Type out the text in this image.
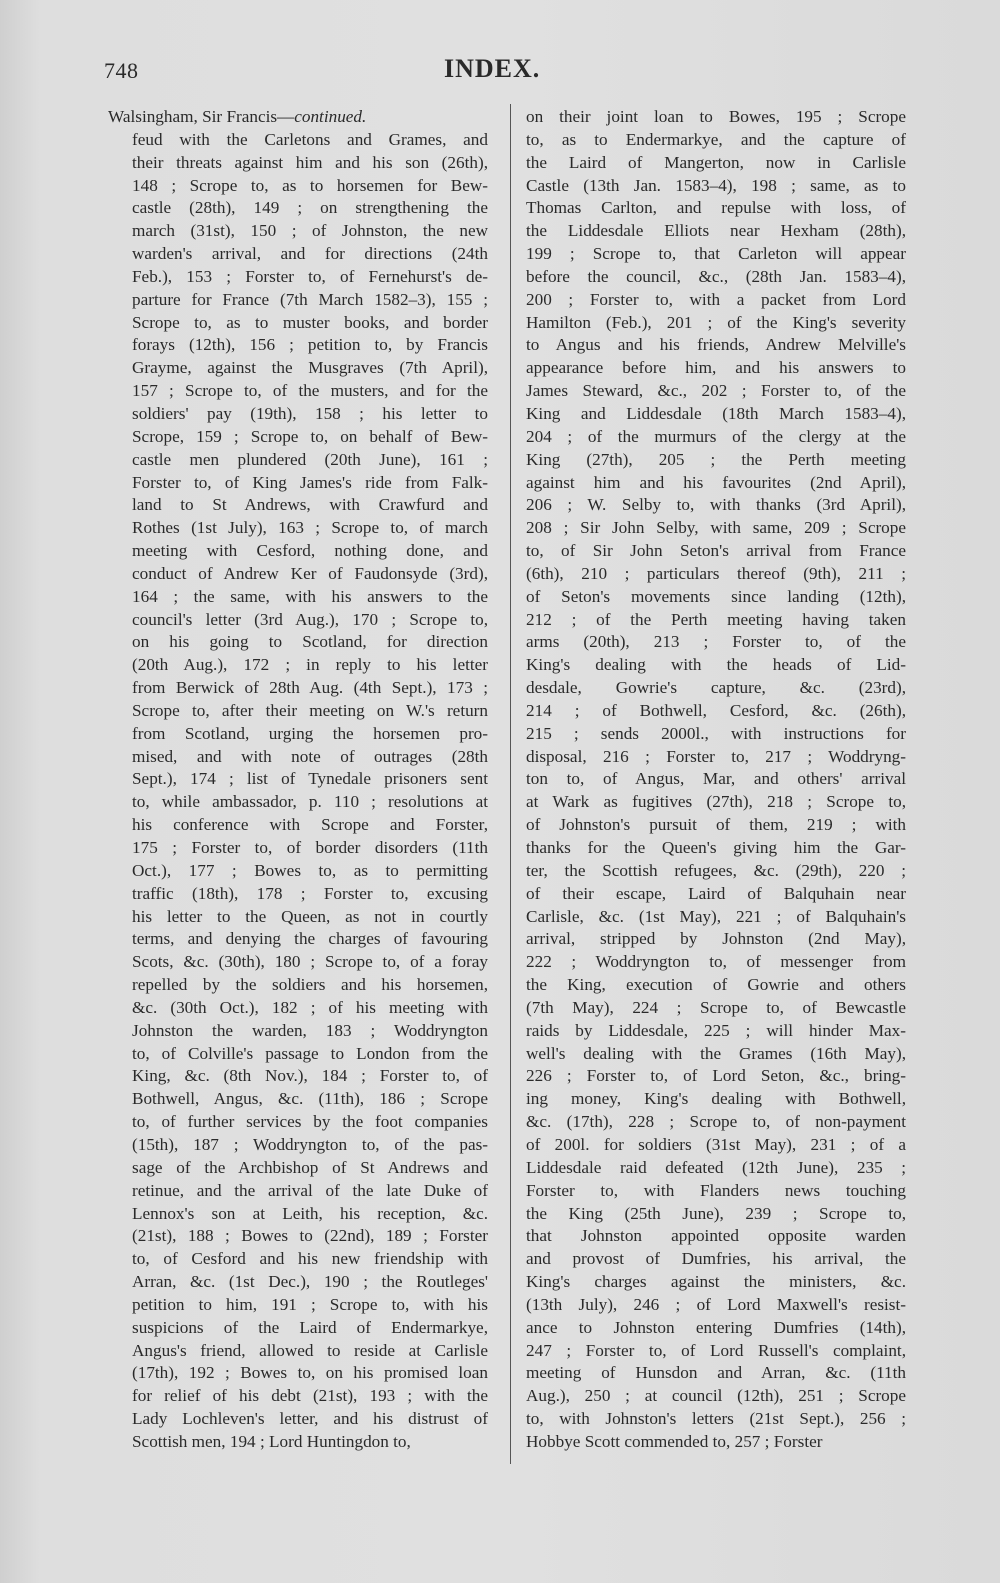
748	INDEX.
Walsingham, Sir Francis—continued.
feud with the Carletons and Grames, and
their threats against him and his son (26th),
148 ; Scrope to, as to horsemen for Bew-
castle (28th), 149 ; on strengthening the
march (31st), 150 ; of Johnston, the new
warden's arrival, and for directions (24th
Feb.), 153 ; Forster to, of Fernehurst's de-
parture for France (7th March 1582–3), 155 ;
Scrope to, as to muster books, and border
forays (12th), 156 ; petition to, by Francis
Grayme, against the Musgraves (7th April),
157 ; Scrope to, of the musters, and for the
soldiers' pay (19th), 158 ; his letter to
Scrope, 159 ; Scrope to, on behalf of Bew-
castle men plundered (20th June), 161 ;
Forster to, of King James's ride from Falk-
land to St Andrews, with Crawfurd and
Rothes (1st July), 163 ; Scrope to, of march
meeting with Cesford, nothing done, and
conduct of Andrew Ker of Faudonsyde (3rd),
164 ; the same, with his answers to the
council's letter (3rd Aug.), 170 ; Scrope to,
on his going to Scotland, for direction
(20th Aug.), 172 ; in reply to his letter
from Berwick of 28th Aug. (4th Sept.), 173 ;
Scrope to, after their meeting on W.'s return
from Scotland, urging the horsemen pro-
mised, and with note of outrages (28th
Sept.), 174 ; list of Tynedale prisoners sent
to, while ambassador, p. 110 ; resolutions at
his conference with Scrope and Forster,
175 ; Forster to, of border disorders (11th
Oct.), 177 ; Bowes to, as to permitting
traffic (18th), 178 ; Forster to, excusing
his letter to the Queen, as not in courtly
terms, and denying the charges of favouring
Scots, &c. (30th), 180 ; Scrope to, of a foray
repelled by the soldiers and his horsemen,
&c. (30th Oct.), 182 ; of his meeting with
Johnston the warden, 183 ; Woddryngton
to, of Colville's passage to London from the
King, &c. (8th Nov.), 184 ; Forster to, of
Bothwell, Angus, &c. (11th), 186 ; Scrope
to, of further services by the foot companies
(15th), 187 ; Woddryngton to, of the pas-
sage of the Archbishop of St Andrews and
retinue, and the arrival of the late Duke of
Lennox's son at Leith, his reception, &c.
(21st), 188 ; Bowes to (22nd), 189 ; Forster
to, of Cesford and his new friendship with
Arran, &c. (1st Dec.), 190 ; the Routleges'
petition to him, 191 ; Scrope to, with his
suspicions of the Laird of Endermarkye,
Angus's friend, allowed to reside at Carlisle
(17th), 192 ; Bowes to, on his promised loan
for relief of his debt (21st), 193 ; with the
Lady Lochleven's letter, and his distrust of
Scottish men, 194 ; Lord Huntingdon to,
on their joint loan to Bowes, 195 ; Scrope
to, as to Endermarkye, and the capture of
the Laird of Mangerton, now in Carlisle
Castle (13th Jan. 1583–4), 198 ; same, as to
Thomas Carlton, and repulse with loss, of
the Liddesdale Elliots near Hexham (28th),
199 ; Scrope to, that Carleton will appear
before the council, &c., (28th Jan. 1583–4),
200 ; Forster to, with a packet from Lord
Hamilton (Feb.), 201 ; of the King's severity
to Angus and his friends, Andrew Melville's
appearance before him, and his answers to
James Steward, &c., 202 ; Forster to, of the
King and Liddesdale (18th March 1583–4),
204 ; of the murmurs of the clergy at the
King (27th), 205 ; the Perth meeting
against him and his favourites (2nd April),
206 ; W. Selby to, with thanks (3rd April),
208 ; Sir John Selby, with same, 209 ; Scrope
to, of Sir John Seton's arrival from France
(6th), 210 ; particulars thereof (9th), 211 ;
of Seton's movements since landing (12th),
212 ; of the Perth meeting having taken
arms (20th), 213 ; Forster to, of the
King's dealing with the heads of Lid-
desdale, Gowrie's capture, &c. (23rd),
214 ; of Bothwell, Cesford, &c. (26th),
215 ; sends 2000l., with instructions for
disposal, 216 ; Forster to, 217 ; Woddryng-
ton to, of Angus, Mar, and others' arrival
at Wark as fugitives (27th), 218 ; Scrope to,
of Johnston's pursuit of them, 219 ; with
thanks for the Queen's giving him the Gar-
ter, the Scottish refugees, &c. (29th), 220 ;
of their escape, Laird of Balquhain near
Carlisle, &c. (1st May), 221 ; of Balquhain's
arrival, stripped by Johnston (2nd May),
222 ; Woddryngton to, of messenger from
the King, execution of Gowrie and others
(7th May), 224 ; Scrope to, of Bewcastle
raids by Liddesdale, 225 ; will hinder Max-
well's dealing with the Grames (16th May),
226 ; Forster to, of Lord Seton, &c., bring-
ing money, King's dealing with Bothwell,
&c. (17th), 228 ; Scrope to, of non-payment
of 200l. for soldiers (31st May), 231 ; of a
Liddesdale raid defeated (12th June), 235 ;
Forster to, with Flanders news touching
the King (25th June), 239 ; Scrope to,
that Johnston appointed opposite warden
and provost of Dumfries, his arrival, the
King's charges against the ministers, &c.
(13th July), 246 ; of Lord Maxwell's resist-
ance to Johnston entering Dumfries (14th),
247 ; Forster to, of Lord Russell's complaint,
meeting of Hunsdon and Arran, &c. (11th
Aug.), 250 ; at council (12th), 251 ; Scrope
to, with Johnston's letters (21st Sept.), 256 ;
Hobbye Scott commended to, 257 ; Forster
